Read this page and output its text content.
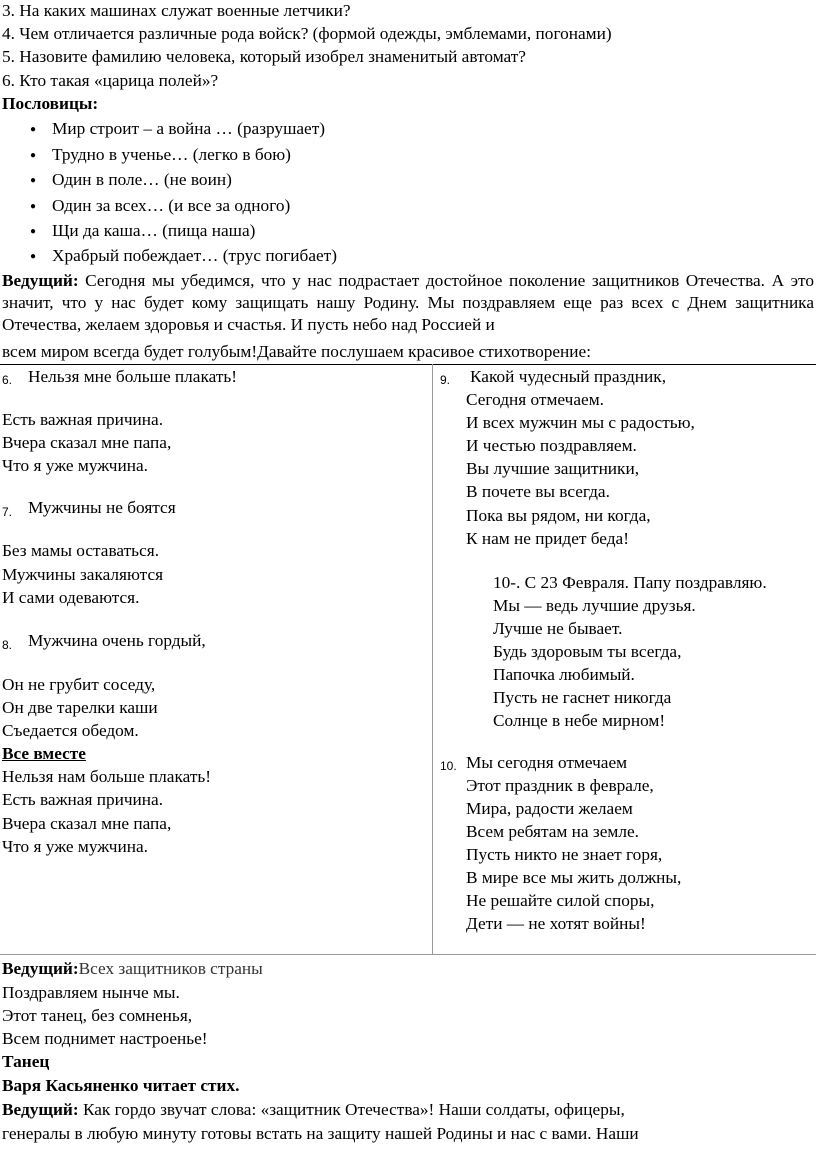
3. На каких машинах служат военные летчики?
4. Чем отличается различные рода войск? (формой одежды, эмблемами, погонами)
5. Назовите фамилию человека, который изобрел знаменитый автомат?
6. Кто такая «царица полей»?
Пословицы:
● Мир строит – а война … (разрушает)
● Трудно в ученье… (легко в бою)
● Один в поле… (не воин)
● Один за всех… (и все за одного)
● Щи да каша… (пища наша)
● Храбрый побеждает… (трус погибает)
Ведущий: Сегодня мы убедимся, что у нас подрастает достойное поколение защитников Отечества. А это значит, что у нас будет кому защищать нашу Родину. Мы поздравляем еще раз всех с Днем защитника Отечества, желаем здоровья и счастья. И пусть небо над Россией и
всем миром всегда будет голубым!Давайте послушаем красивое стихотворение:
6. Нельзя мне больше плакать!
Есть важная причина.
Вчера сказал мне папа,
Что я уже мужчина.
7. Мужчины не боятся
Без мамы оставаться.
Мужчины закаляются
И сами одеваются.
8. Мужчина очень гордый,
Он не грубит соседу,
Он две тарелки каши
Съедается обедом.
Все вместе
Нельзя нам больше плакать!
Есть важная причина.
Вчера сказал мне папа,
Что я уже мужчина.
9. Какой чудесный праздник,
Сегодня отмечаем.
И всех мужчин мы с радостью,
И честью поздравляем.
Вы лучшие защитники,
В почете вы всегда.
Пока вы рядом, ни когда,
К нам не придет беда!
10-. С 23 Февраля. Папу поздравляю.
Мы — ведь лучшие друзья.
Лучше не бывает.
Будь здоровым ты всегда,
Папочка любимый.
Пусть не гаснет никогда
Солнце в небе мирном!
10. Мы сегодня отмечаем
Этот праздник в феврале,
Мира, радости желаем
Всем ребятам на земле.
Пусть никто не знает горя,
В мире все мы жить должны,
Не решайте силой споры,
Дети — не хотят войны!
Ведущий:Всех защитников страны
Поздравляем нынче мы.
Этот танец, без сомненья,
Всем поднимет настроенье!
Танец
Варя Касьяненко читает стих.
Ведущий: Как гордо звучат слова: «защитник Отечества»! Наши солдаты, офицеры,
генералы в любую минуту готовы встать на защиту нашей Родины и нас с вами. Наши
